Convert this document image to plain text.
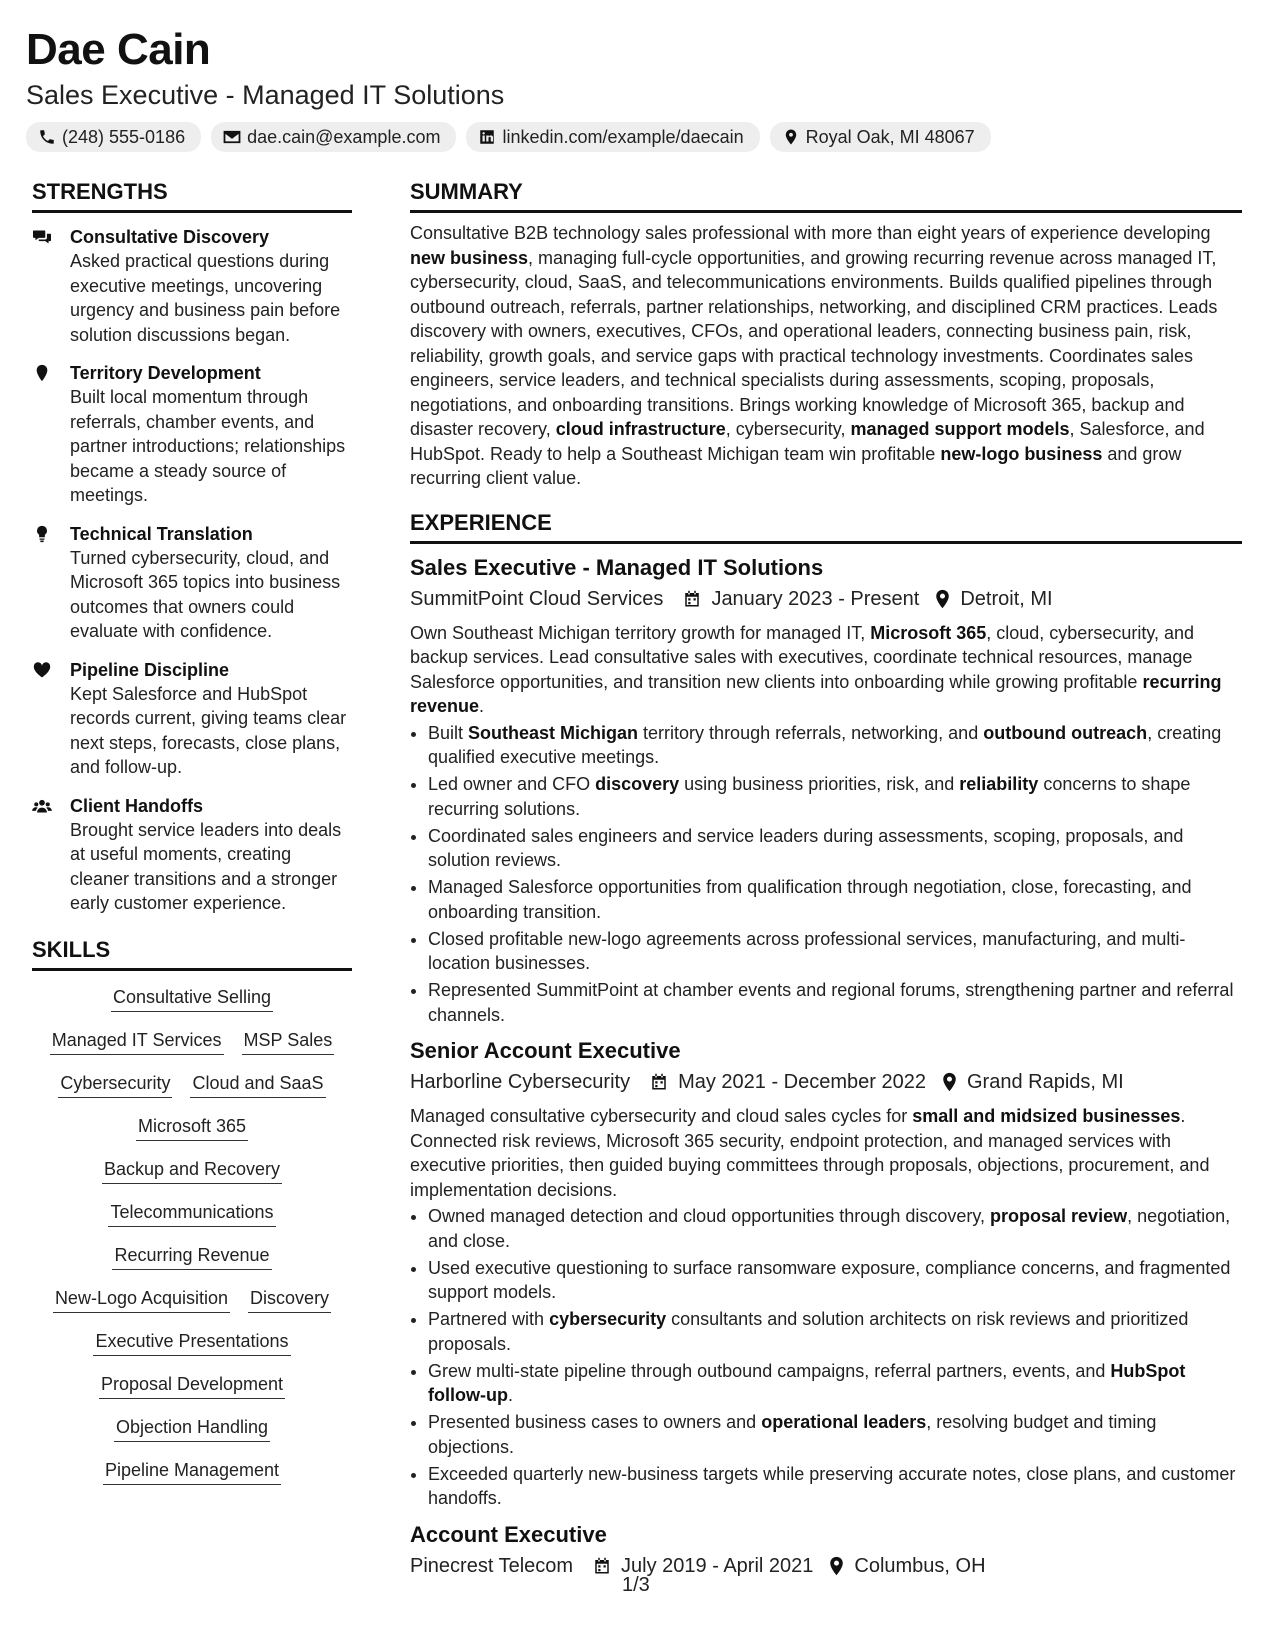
Dae Cain
Sales Executive - Managed IT Solutions
(248) 555-0186	dae.cain@example.com	linkedin.com/example/daecain	Royal Oak, MI 48067
STRENGTHS
Consultative Discovery
Asked practical questions during executive meetings, uncovering urgency and business pain before solution discussions began.
Territory Development
Built local momentum through referrals, chamber events, and partner introductions; relationships became a steady source of meetings.
Technical Translation
Turned cybersecurity, cloud, and Microsoft 365 topics into business outcomes that owners could evaluate with confidence.
Pipeline Discipline
Kept Salesforce and HubSpot records current, giving teams clear next steps, forecasts, close plans, and follow-up.
Client Handoffs
Brought service leaders into deals at useful moments, creating cleaner transitions and a stronger early customer experience.
SKILLS
Consultative Selling
Managed IT Services MSP Sales
Cybersecurity Cloud and SaaS
Microsoft 365
Backup and Recovery
Telecommunications
Recurring Revenue
New-Logo Acquisition Discovery
Executive Presentations
Proposal Development
Objection Handling
Pipeline Management
SUMMARY
Consultative B2B technology sales professional with more than eight years of experience developing new business, managing full-cycle opportunities, and growing recurring revenue across managed IT, cybersecurity, cloud, SaaS, and telecommunications environments. Builds qualified pipelines through outbound outreach, referrals, partner relationships, networking, and disciplined CRM practices. Leads discovery with owners, executives, CFOs, and operational leaders, connecting business pain, risk, reliability, growth goals, and service gaps with practical technology investments. Coordinates sales engineers, service leaders, and technical specialists during assessments, scoping, proposals, negotiations, and onboarding transitions. Brings working knowledge of Microsoft 365, backup and disaster recovery, cloud infrastructure, cybersecurity, managed support models, Salesforce, and HubSpot. Ready to help a Southeast Michigan team win profitable new-logo business and grow recurring client value.
EXPERIENCE
Sales Executive - Managed IT Solutions
SummitPoint Cloud Services January 2023 - Present Detroit, MI
Own Southeast Michigan territory growth for managed IT, Microsoft 365, cloud, cybersecurity, and backup services. Lead consultative sales with executives, coordinate technical resources, manage Salesforce opportunities, and transition new clients into onboarding while growing profitable recurring revenue.
• Built Southeast Michigan territory through referrals, networking, and outbound outreach, creating qualified executive meetings.
• Led owner and CFO discovery using business priorities, risk, and reliability concerns to shape recurring solutions.
• Coordinated sales engineers and service leaders during assessments, scoping, proposals, and solution reviews.
• Managed Salesforce opportunities from qualification through negotiation, close, forecasting, and onboarding transition.
• Closed profitable new-logo agreements across professional services, manufacturing, and multi-location businesses.
• Represented SummitPoint at chamber events and regional forums, strengthening partner and referral channels.
Senior Account Executive
Harborline Cybersecurity May 2021 - December 2022 Grand Rapids, MI
Managed consultative cybersecurity and cloud sales cycles for small and midsized businesses. Connected risk reviews, Microsoft 365 security, endpoint protection, and managed services with executive priorities, then guided buying committees through proposals, objections, procurement, and implementation decisions.
• Owned managed detection and cloud opportunities through discovery, proposal review, negotiation, and close.
• Used executive questioning to surface ransomware exposure, compliance concerns, and fragmented support models.
• Partnered with cybersecurity consultants and solution architects on risk reviews and prioritized proposals.
• Grew multi-state pipeline through outbound campaigns, referral partners, events, and HubSpot follow-up.
• Presented business cases to owners and operational leaders, resolving budget and timing objections.
• Exceeded quarterly new-business targets while preserving accurate notes, close plans, and customer handoffs.
Account Executive
Pinecrest Telecom July 2019 - April 2021 Columbus, OH
1/3
